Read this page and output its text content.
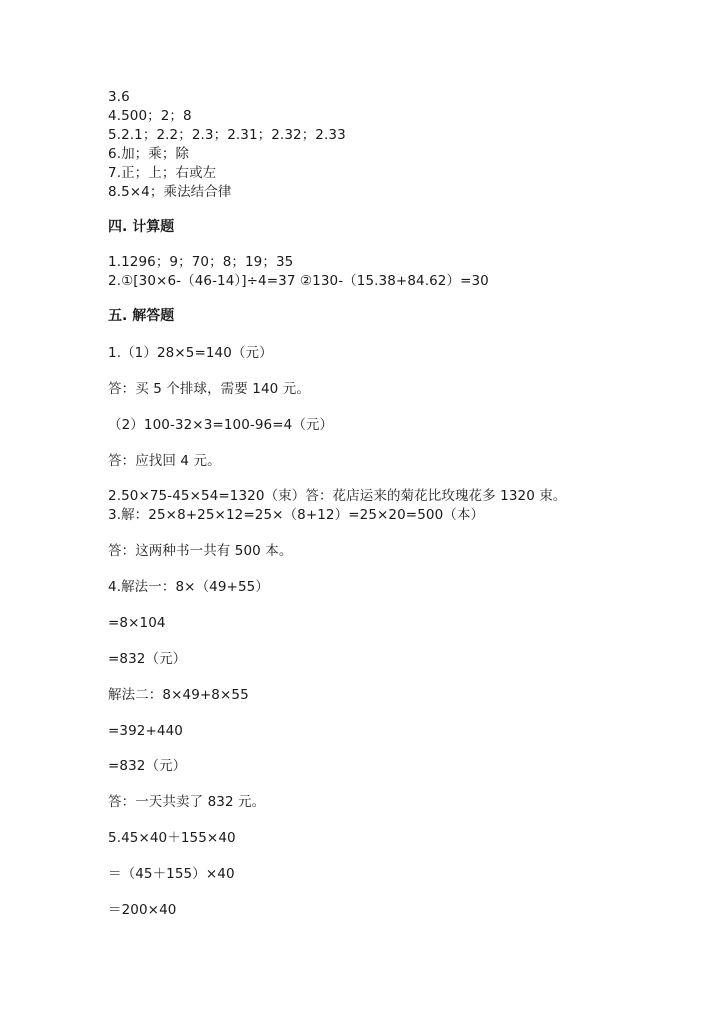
3.6
4.500；2；8
5.2.1；2.2；2.3；2.31；2.32；2.33
6.加；乘；除
7.正；上；右或左
8.5×4；乘法结合律
四. 计算题
1.1296；9；70；8；19；35
2.①[30×6-（46-14）]÷4=37 ②130-（15.38+84.62）=30
五. 解答题
1.（1）28×5=140（元）
答：买 5 个排球，需要 140 元。
（2）100-32×3=100-96=4（元）
答：应找回 4 元。
2.50×75-45×54=1320（束）答：花店运来的菊花比玫瑰花多 1320 束。
3.解：25×8+25×12=25×（8+12）=25×20=500（本）
答：这两种书一共有 500 本。
4.解法一：8×（49+55）
=8×104
=832（元）
解法二：8×49+8×55
=392+440
=832（元）
答：一天共卖了 832 元。
5.45×40＋155×40
＝（45＋155）×40
＝200×40
